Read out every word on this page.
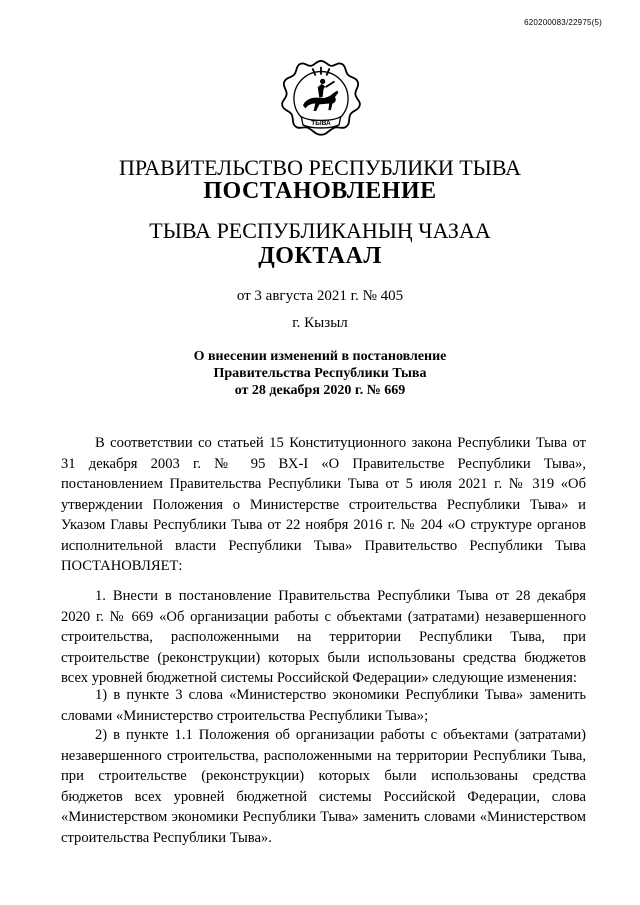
620200083/22975(5)
ТЫВА
ПРАВИТЕЛЬСТВО РЕСПУБЛИКИ ТЫВА
ПОСТАНОВЛЕНИЕ
ТЫВА РЕСПУБЛИКАНЫҢ ЧАЗАА
ДОКТААЛ
от 3 августа 2021 г. № 405
г. Кызыл
О внесении изменений в постановление
Правительства Республики Тыва
от 28 декабря 2020 г. № 669

В соответствии со статьей 15 Конституционного закона Республики Тыва от 31 декабря 2003 г. № 95 ВХ-I «О Правительстве Республики Тыва», постановлением Правительства Республики Тыва от 5 июля 2021 г. № 319 «Об утверждении Положения о Министерстве строительства Республики Тыва» и Указом Главы Республики Тыва от 22 ноября 2016 г. № 204 «О структуре органов исполнительной власти Республики Тыва» Правительство Республики Тыва ПОСТАНОВЛЯЕТ:

1. Внести в постановление Правительства Республики Тыва от 28 декабря 2020 г. № 669 «Об организации работы с объектами (затратами) незавершенного строительства, расположенными на территории Республики Тыва, при строительстве (реконструкции) которых были использованы средства бюджетов всех уровней бюджетной системы Российской Федерации» следующие изменения:

1) в пункте 3 слова «Министерство экономики Республики Тыва» заменить словами «Министерство строительства Республики Тыва»;

2) в пункте 1.1 Положения об организации работы с объектами (затратами) незавершенного строительства, расположенными на территории Республики Тыва, при строительстве (реконструкции) которых были использованы средства бюджетов всех уровней бюджетной системы Российской Федерации, слова «Министерством экономики Республики Тыва» заменить словами «Министерством строительства Республики Тыва».
